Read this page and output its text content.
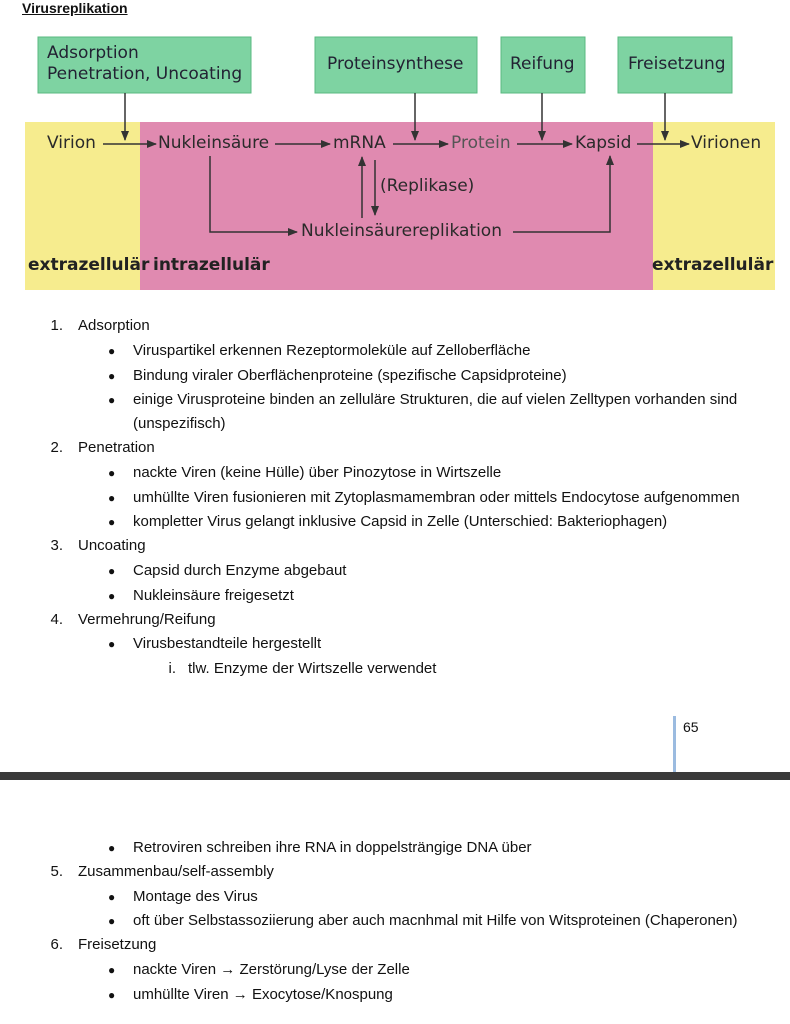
Virusreplikation
Adsorption Penetration, Uncoating	Proteinsynthese	Reifung	Freisetzung
Virion	Nukleinsäure	mRNA	Protein	Kapsid	Virionen
(Replikase)
Nukleinsäurereplikation
extrazellulär intrazellulär	extrazellulär
1. Adsorption
● Viruspartikel erkennen Rezeptormoleküle auf Zelloberfläche
● Bindung viraler Oberflächenproteine (spezifische Capsidproteine)
● einige Virusproteine binden an zelluläre Strukturen, die auf vielen Zelltypen vorhanden sind
(unspezifisch)
2. Penetration
● nackte Viren (keine Hülle) über Pinozytose in Wirtszelle
● umhüllte Viren fusionieren mit Zytoplasmamembran oder mittels Endocytose aufgenommen
● kompletter Virus gelangt inklusive Capsid in Zelle (Unterschied: Bakteriophagen)
3. Uncoating
● Capsid durch Enzyme abgebaut
● Nukleinsäure freigesetzt
4. Vermehrung/Reifung
● Virusbestandteile hergestellt
i. tlw. Enzyme der Wirtszelle verwendet
65
● Retroviren schreiben ihre RNA in doppelsträngige DNA über
5. Zusammenbau/self-assembly
● Montage des Virus
● oft über Selbstassoziierung aber auch macnhmal mit Hilfe von Witsproteinen (Chaperonen)
6. Freisetzung
● nackte Viren → Zerstörung/Lyse der Zelle
● umhüllte Viren → Exocytose/Knospung
